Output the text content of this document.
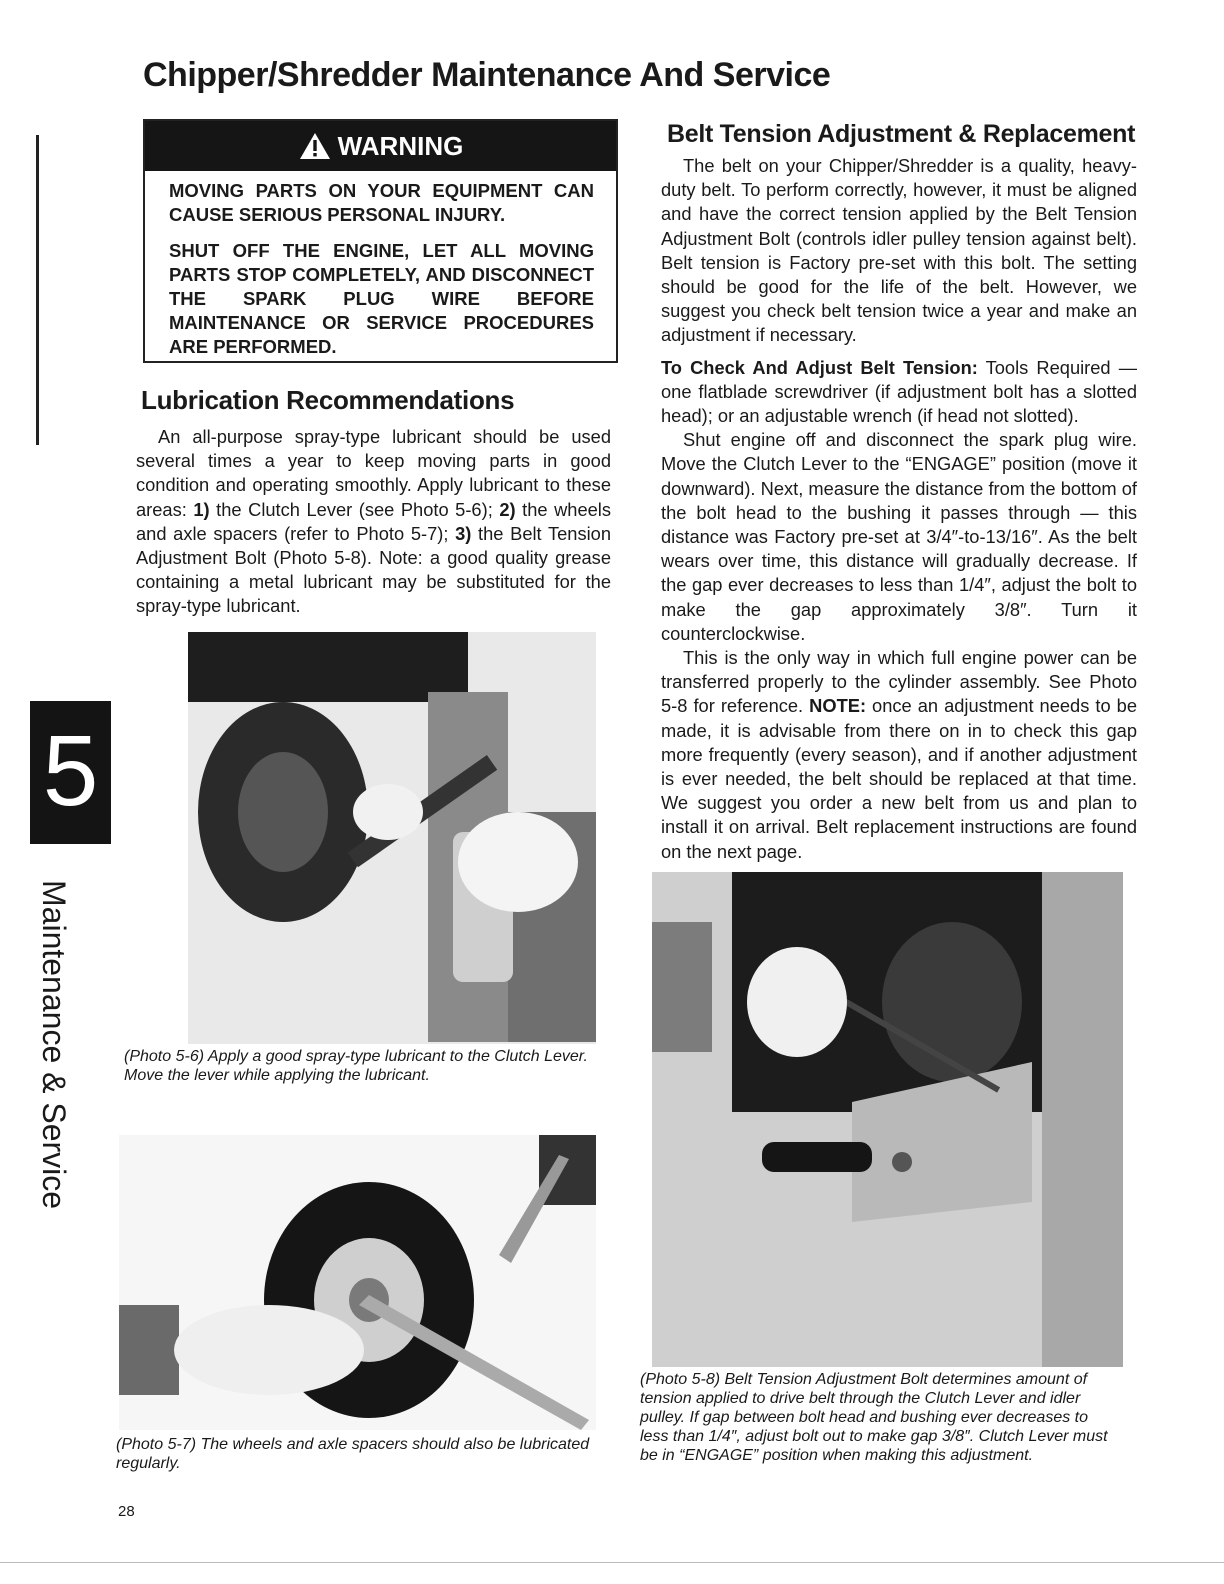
Chipper/Shredder Maintenance And Service
5
Maintenance & Service
WARNING

MOVING PARTS ON YOUR EQUIPMENT CAN CAUSE SERIOUS PERSONAL INJURY.

SHUT OFF THE ENGINE, LET ALL MOVING PARTS STOP COMPLETELY, AND DISCONNECT THE SPARK PLUG WIRE BEFORE MAINTENANCE OR SERVICE PROCEDURES ARE PERFORMED.

Lubrication Recommendations

An all-purpose spray-type lubricant should be used several times a year to keep moving parts in good condition and operating smoothly. Apply lubricant to these areas: 1) the Clutch Lever (see Photo 5-6); 2) the wheels and axle spacers (refer to Photo 5-7); 3) the Belt Tension Adjustment Bolt (Photo 5-8). Note: a good quality grease containing a metal lubricant may be substituted for the spray-type lubricant.

(Photo 5-6) Apply a good spray-type lubricant to the Clutch Lever. Move the lever while applying the lubricant.

(Photo 5-7) The wheels and axle spacers should also be lubricated regularly.

Belt Tension Adjustment & Replacement

The belt on your Chipper/Shredder is a quality, heavy-duty belt. To perform correctly, however, it must be aligned and have the correct tension applied by the Belt Tension Adjustment Bolt (controls idler pulley tension against belt). Belt tension is Factory pre-set with this bolt. The setting should be good for the life of the belt. However, we suggest you check belt tension twice a year and make an adjustment if necessary.

To Check And Adjust Belt Tension: Tools Required — one flatblade screwdriver (if adjustment bolt has a slotted head); or an adjustable wrench (if head not slotted).

Shut engine off and disconnect the spark plug wire. Move the Clutch Lever to the “ENGAGE” position (move it downward). Next, measure the distance from the bottom of the bolt head to the bushing it passes through — this distance was Factory pre-set at 3/4″-to-13/16″. As the belt wears over time, this distance will gradually decrease. If the gap ever decreases to less than 1/4″, adjust the bolt to make the gap approximately 3/8″. Turn it counterclockwise.

This is the only way in which full engine power can be transferred properly to the cylinder assembly. See Photo 5-8 for reference. NOTE: once an adjustment needs to be made, it is advisable from there on in to check this gap more frequently (every season), and if another adjustment is ever needed, the belt should be replaced at that time. We suggest you order a new belt from us and plan to install it on arrival. Belt replacement instructions are found on the next page.

(Photo 5-8) Belt Tension Adjustment Bolt determines amount of tension applied to drive belt through the Clutch Lever and idler pulley. If gap between bolt head and bushing ever decreases to less than 1/4″, adjust bolt out to make gap 3/8″. Clutch Lever must be in “ENGAGE” position when making this adjustment.

28
